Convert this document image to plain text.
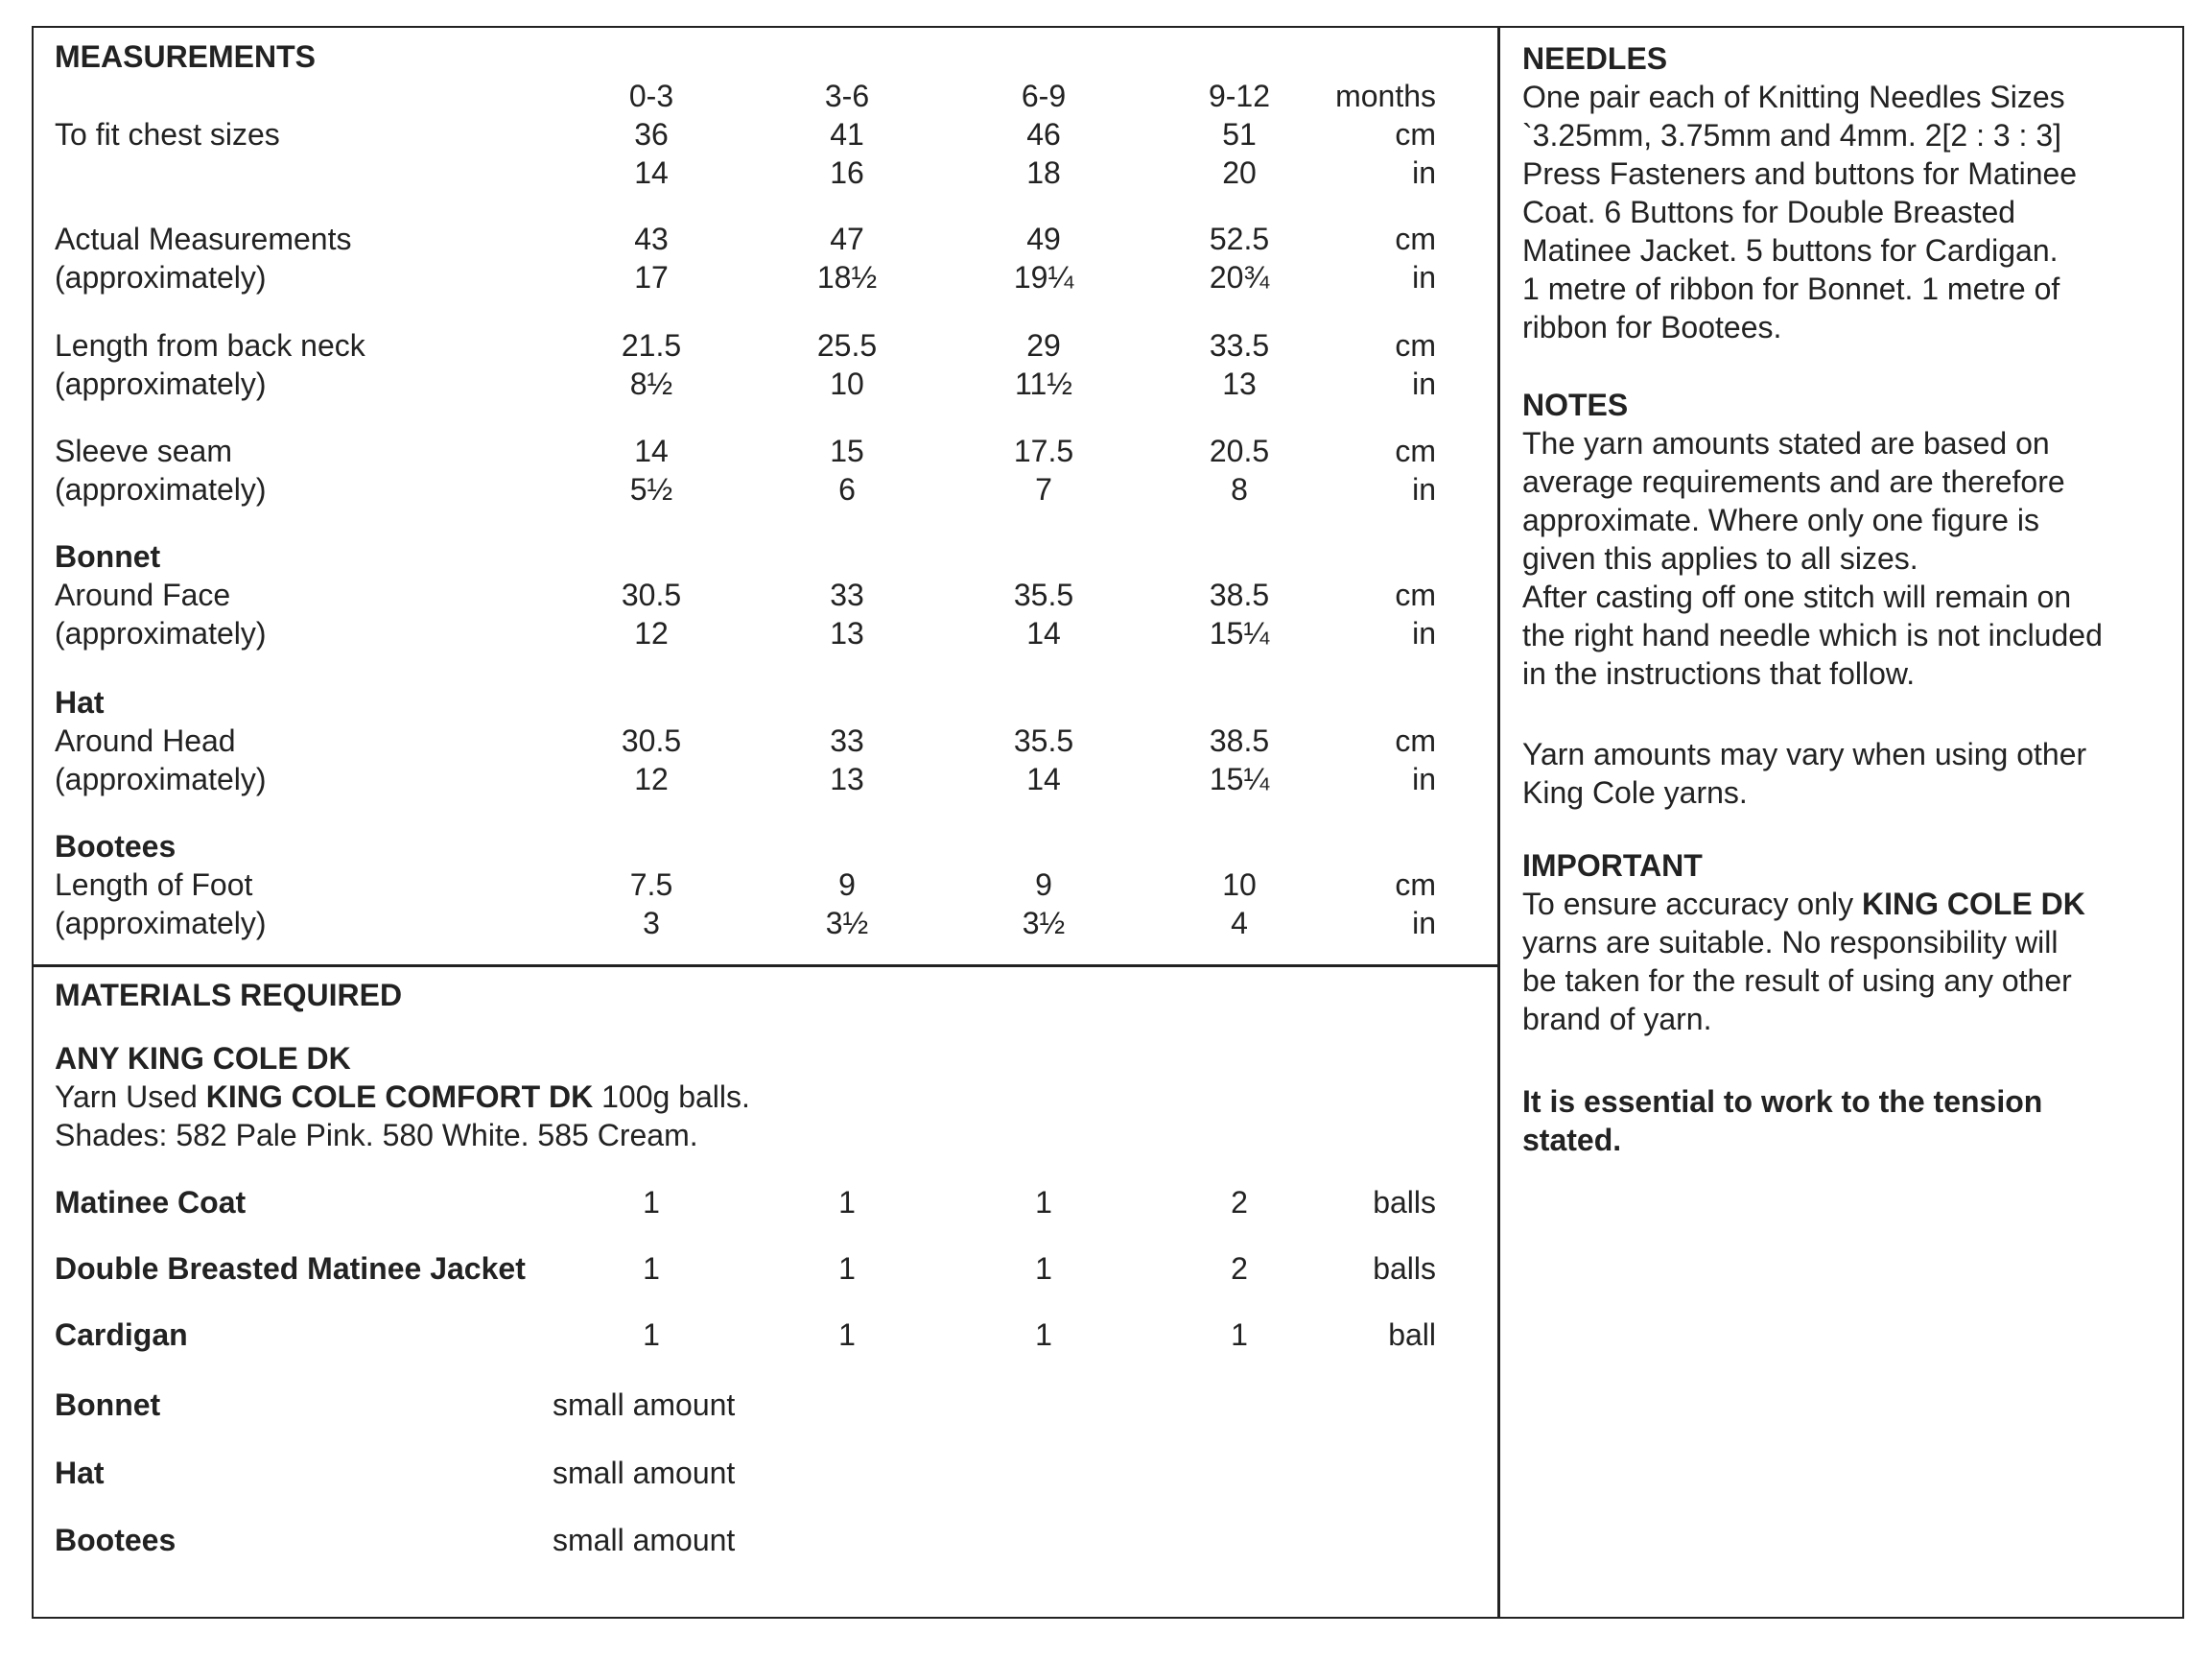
MEASUREMENTS
MATERIALS REQUIRED
ANY KING COLE DK
Yarn Used KING COLE COMFORT DK 100g balls.
Shades: 582 Pale Pink. 580 White. 585 Cream.
NEEDLES
NOTES
IMPORTANT
To ensure accuracy only KING COLE DK
0-3	3-6	6-9	9-12	months
To fit chest sizes	36	41	46	51	cm
14	16	18	20	in
Actual Measurements	43	47	49	52.5	cm
(approximately)	17	18½	19¼	20¾	in
Length from back neck	21.5	25.5	29	33.5	cm
(approximately)	8½	10	11½	13	in
Sleeve seam	14	15	17.5	20.5	cm
(approximately)	5½	6	7	8	in
Around Face	30.5	33	35.5	38.5	cm
(approximately)	12	13	14	15¼	in
Around Head	30.5	33	35.5	38.5	cm
(approximately)	12	13	14	15¼	in
Length of Foot	7.5	9	9	10	cm
(approximately)	3	3½	3½	4	in
Bonnet
Hat
Bootees
Matinee Coat	1	1	1	2	balls
Double Breasted Matinee Jacket	1	1	1	2	balls
Cardigan	1	1	1	1	ball
Bonnet	small amount
Hat	small amount
Bootees	small amount
One pair each of Knitting Needles Sizes
`3.25mm, 3.75mm and 4mm. 2[2 : 3 : 3]
Press Fasteners and buttons for Matinee
Coat. 6 Buttons for Double Breasted
Matinee Jacket. 5 buttons for Cardigan.
1 metre of ribbon for Bonnet. 1 metre of
ribbon for Bootees.
The yarn amounts stated are based on
average requirements and are therefore
approximate. Where only one figure is
given this applies to all sizes.
After casting off one stitch will remain on
the right hand needle which is not included
in the instructions that follow.
Yarn amounts may vary when using other
King Cole yarns.
yarns are suitable. No responsibility will
be taken for the result of using any other
brand of yarn.
It is essential to work to the tension
stated.
